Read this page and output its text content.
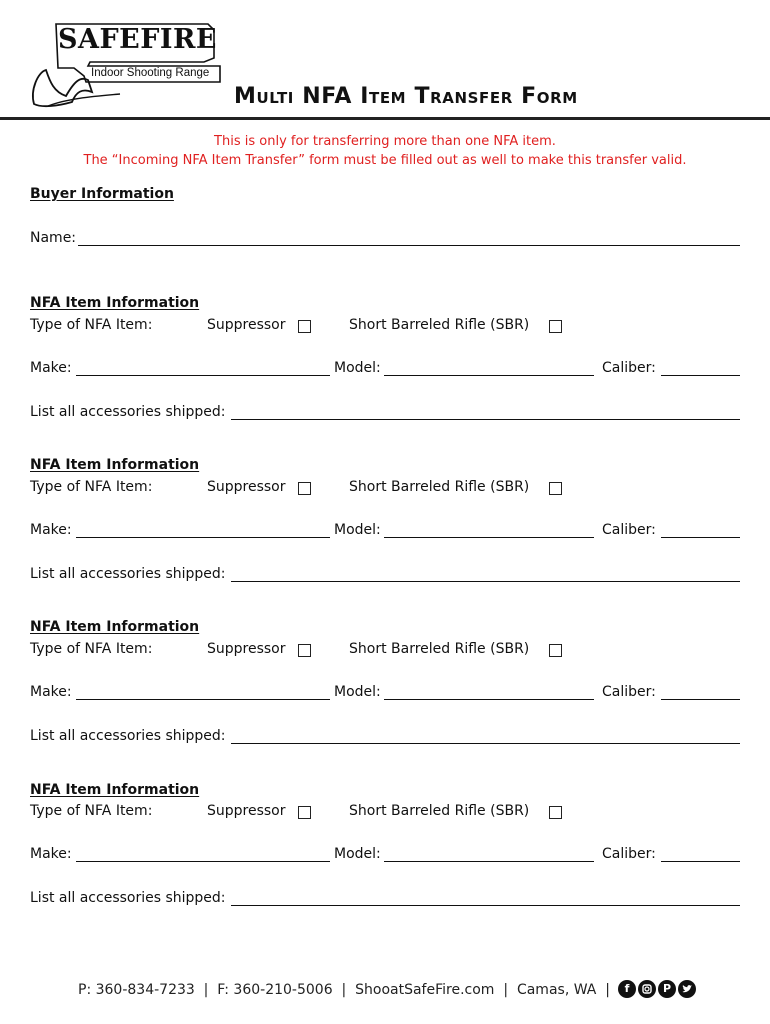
SAFEFIRE
Indoor Shooting Range
Multi NFA Item Transfer Form
This is only for transferring more than one NFA item.
The “Incoming NFA Item Transfer” form must be filled out as well to make this transfer valid.
Buyer Information
Name:
NFA Item Information
Type of NFA Item:	Suppressor	Short Barreled Rifle (SBR)
Make:	Model:	Caliber:
List all accessories shipped:
NFA Item Information
Type of NFA Item:	Suppressor	Short Barreled Rifle (SBR)
Make:	Model:	Caliber:
List all accessories shipped:
NFA Item Information
Type of NFA Item:	Suppressor	Short Barreled Rifle (SBR)
Make:	Model:	Caliber:
List all accessories shipped:
NFA Item Information
Type of NFA Item:	Suppressor	Short Barreled Rifle (SBR)
Make:	Model:	Caliber:
List all accessories shipped:
P: 360-834-7233  |  F: 360-210-5006  |  ShooatSafeFire.com  |  Camas, WA  |	f	P
